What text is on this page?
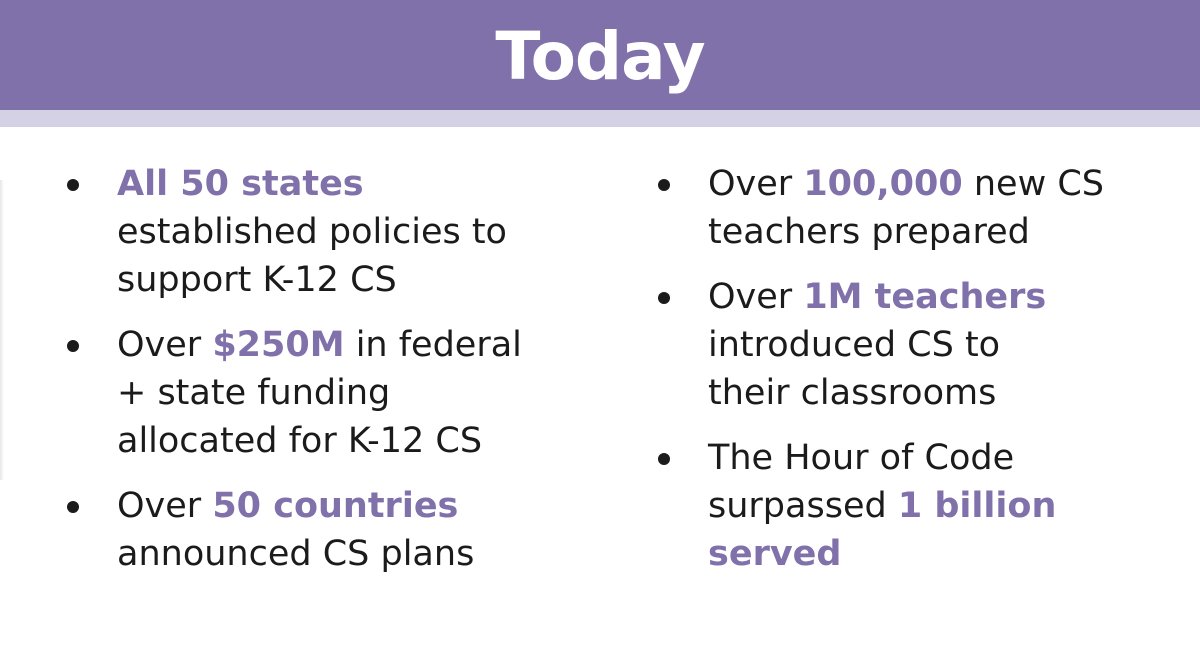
Today
All 50 states
established policies to
support K-12 CS
Over $250M in federal
+ state funding
allocated for K-12 CS
Over 50 countries
announced CS plans
Over 100,000 new CS
teachers prepared
Over 1M teachers
introduced CS to
their classrooms
The Hour of Code
surpassed 1 billion
served
